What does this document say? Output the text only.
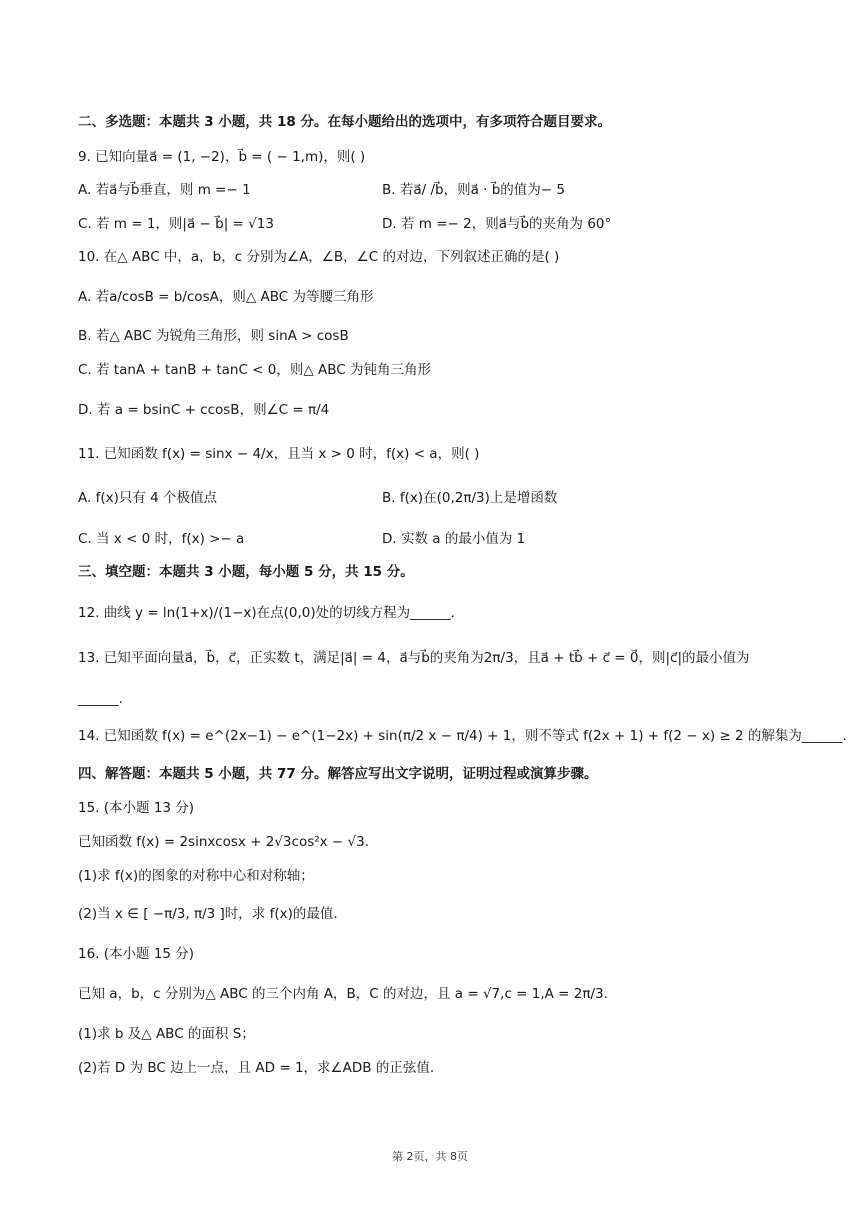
二、多选题：本题共 3 小题，共 18 分。在每小题给出的选项中，有多项符合题目要求。
9. 已知向量a⃗ = (1, −2)，b⃗ = ( − 1,m)，则( )
A. 若a⃗与b⃗垂直，则 m =− 1	B. 若a⃗/ /b⃗，则a⃗ · b⃗的值为− 5
C. 若 m = 1，则|a⃗ − b⃗| = √13	D. 若 m =− 2，则a⃗与b⃗的夹角为 60°
10. 在△ ABC 中，a，b，c 分别为∠A，∠B，∠C 的对边，下列叙述正确的是( )
A. 若a/cosB = b/cosA，则△ ABC 为等腰三角形
B. 若△ ABC 为锐角三角形，则 sinA > cosB
C. 若 tanA + tanB + tanC < 0，则△ ABC 为钝角三角形
D. 若 a = bsinC + ccosB，则∠C = π/4
11. 已知函数 f(x) = sinx − 4/x，且当 x > 0 时，f(x) < a，则( )
A. f(x)只有 4 个极值点	B. f(x)在(0,2π/3)上是增函数
C. 当 x < 0 时，f(x) >− a	D. 实数 a 的最小值为 1
三、填空题：本题共 3 小题，每小题 5 分，共 15 分。
12. 曲线 y = ln(1+x)/(1−x)在点(0,0)处的切线方程为______.
13. 已知平面向量a⃗，b⃗，c⃗，正实数 t，满足|a⃗| = 4，a⃗与b⃗的夹角为2π/3，且a⃗ + tb⃗ + c⃗ = 0⃗，则|c⃗|的最小值为
______.
14. 已知函数 f(x) = e^(2x−1) − e^(1−2x) + sin(π/2 x − π/4) + 1，则不等式 f(2x + 1) + f(2 − x) ≥ 2 的解集为______.
四、解答题：本题共 5 小题，共 77 分。解答应写出文字说明，证明过程或演算步骤。
15. (本小题 13 分)
已知函数 f(x) = 2sinxcosx + 2√3cos²x − √3.
(1)求 f(x)的图象的对称中心和对称轴；
(2)当 x ∈ [ −π/3, π/3 ]时，求 f(x)的最值.
16. (本小题 15 分)
已知 a，b，c 分别为△ ABC 的三个内角 A，B，C 的对边，且 a = √7,c = 1,A = 2π/3.
(1)求 b 及△ ABC 的面积 S；
(2)若 D 为 BC 边上一点，且 AD = 1，求∠ADB 的正弦值.
第 2页，共 8页
